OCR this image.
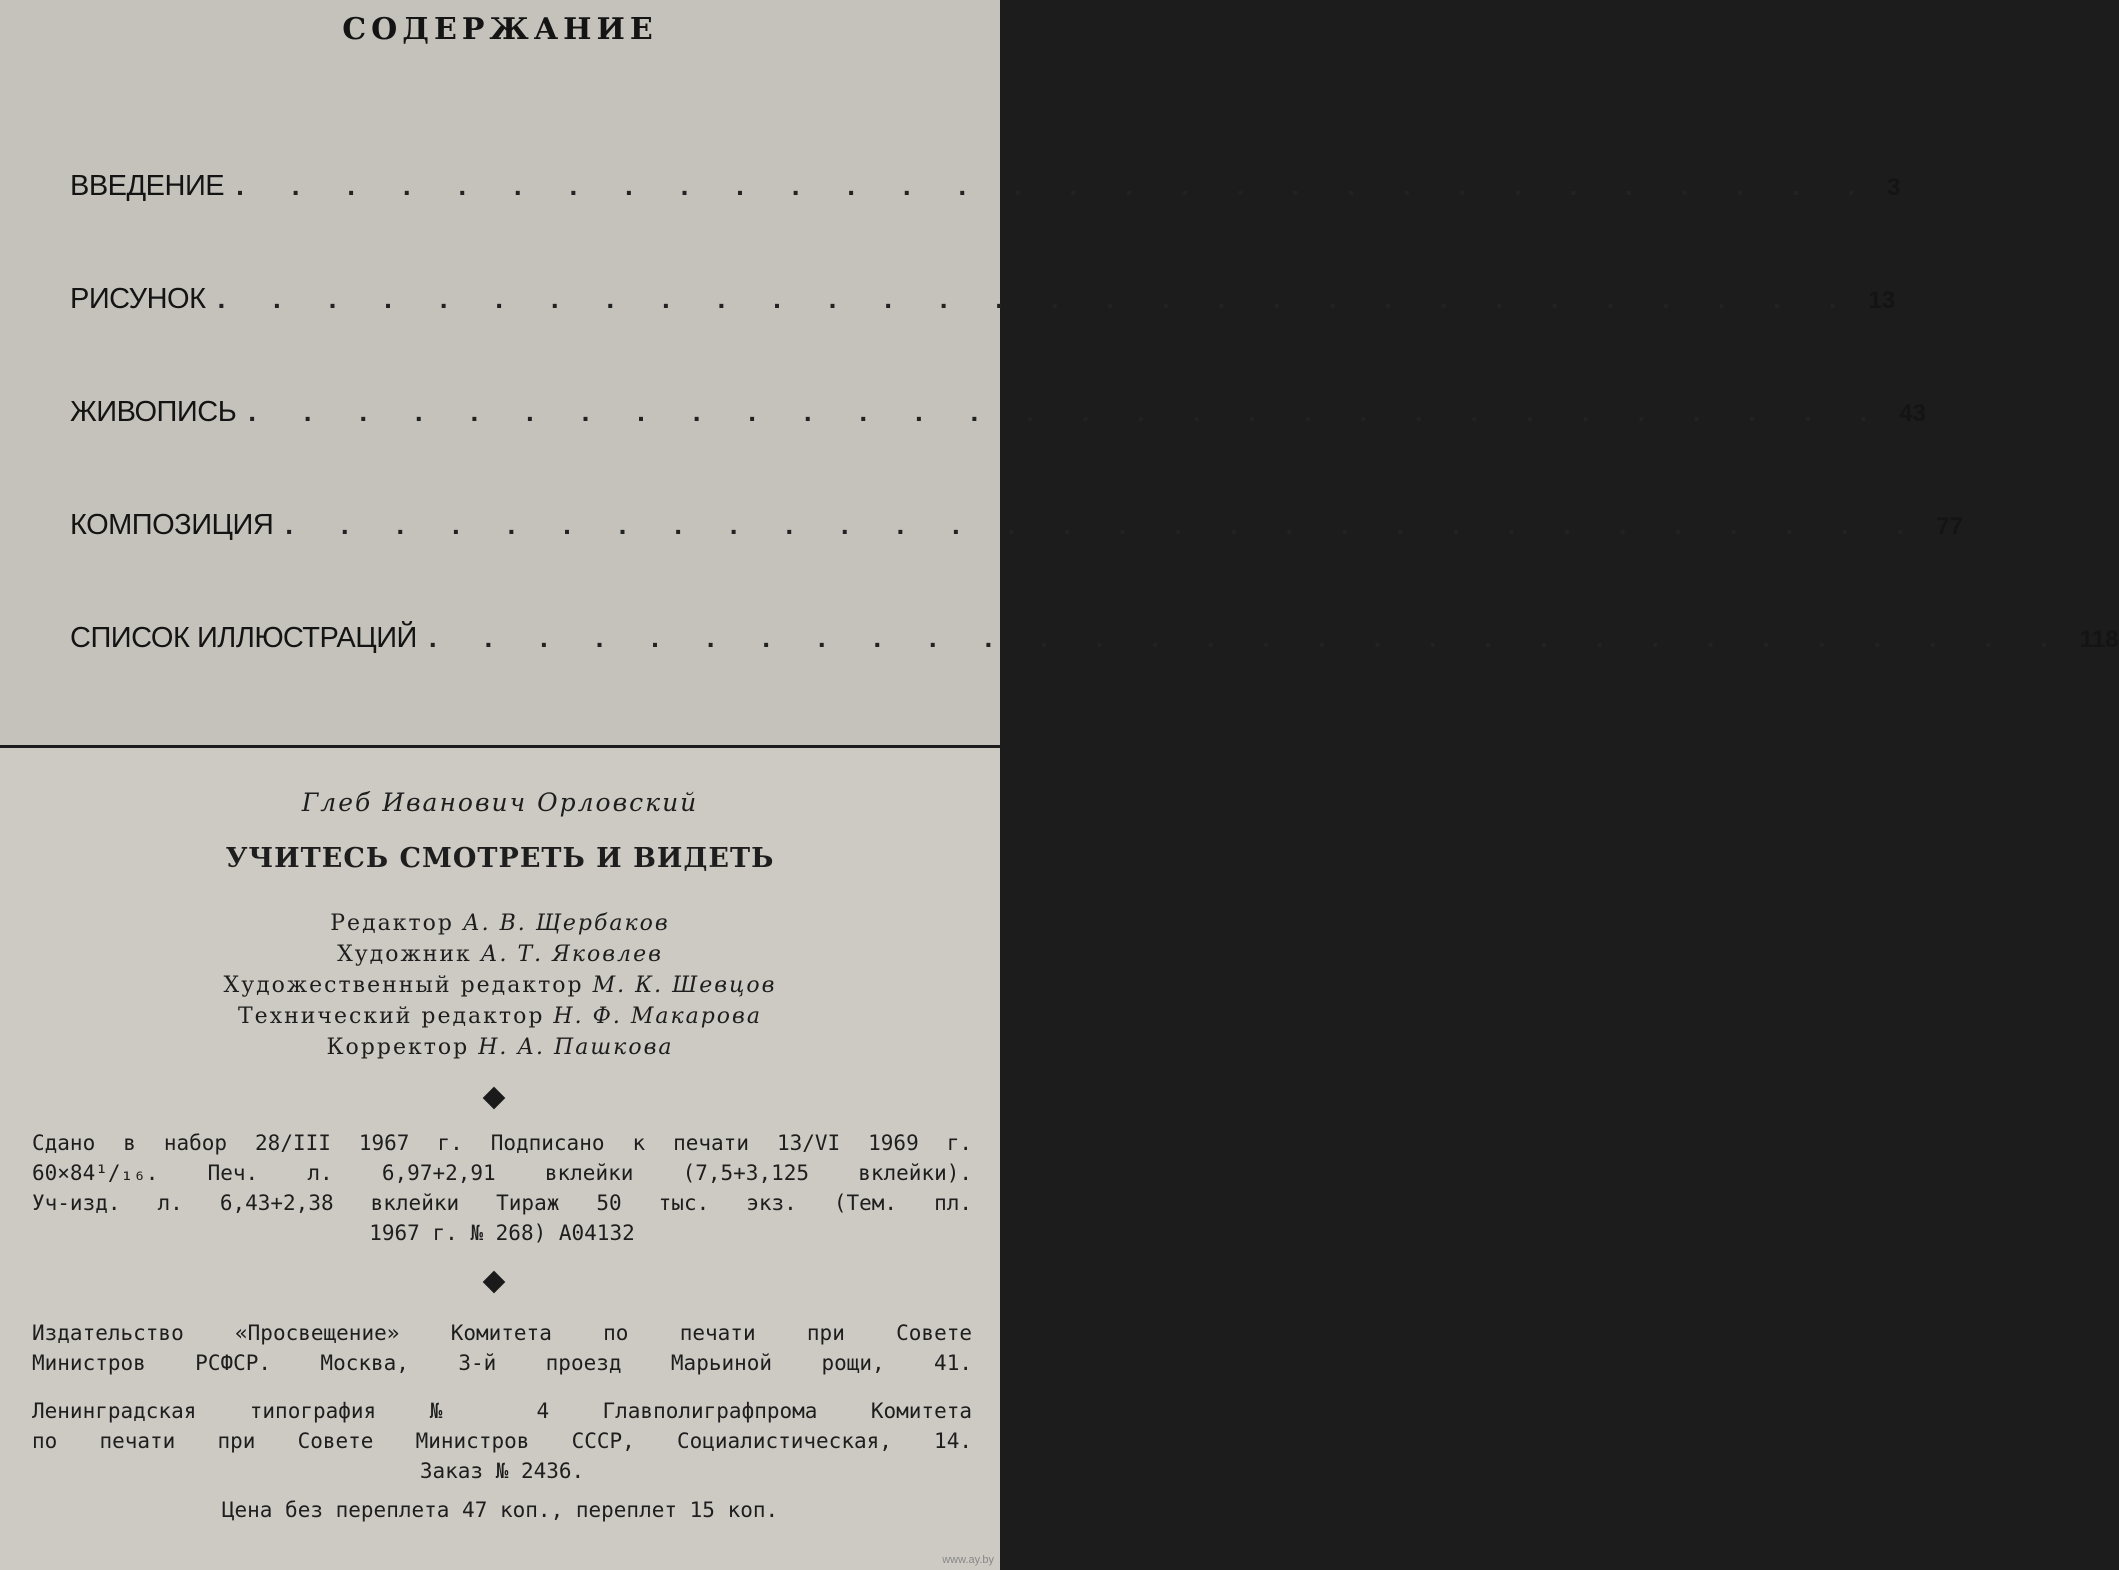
СОДЕРЖАНИЕ
ВВЕДЕНИЕ . . . . . . . . . . . . . . . . . . . . . . . . . . . . . . 3
РИСУНОК . . . . . . . . . . . . . . . . . . . . . . . . . . . . . . 13
ЖИВОПИСЬ . . . . . . . . . . . . . . . . . . . . . . . . . . . . . . 43
КОМПОЗИЦИЯ . . . . . . . . . . . . . . . . . . . . . . . . . . . . . . 77
СПИСОК ИЛЛЮСТРАЦИЙ . . . . . . . . . . . . . . . . . . . . . . . . . . . . . . 118
Глеб Иванович Орловский
УЧИТЕСЬ СМОТРЕТЬ И ВИДЕТЬ
Редактор А. В. Щербаков
Художник А. Т. Яковлев
Художественный редактор М. К. Шевцов
Технический редактор Н. Ф. Макарова
Корректор Н. А. Пашкова
Сдано в набор 28/III 1967 г. Подписано к печати 13/VI 1969 г.
60×84¹/₁₆. Печ. л. 6,97+2,91 вклейки (7,5+3,125 вклейки).
Уч-изд. л. 6,43+2,38 вклейки Тираж 50 тыс. экз. (Тем. пл.
1967 г. № 268) А04132
Издательство «Просвещение» Комитета по печати при Совете
Министров РСФСР. Москва, 3-й проезд Марьиной рощи, 41.
Ленинградская типография № 4 Главполиграфпрома Комитета
по печати при Совете Министров СССР, Социалистическая, 14.
Заказ № 2436.
Цена без переплета 47 коп., переплет 15 коп.
www.ay.by
